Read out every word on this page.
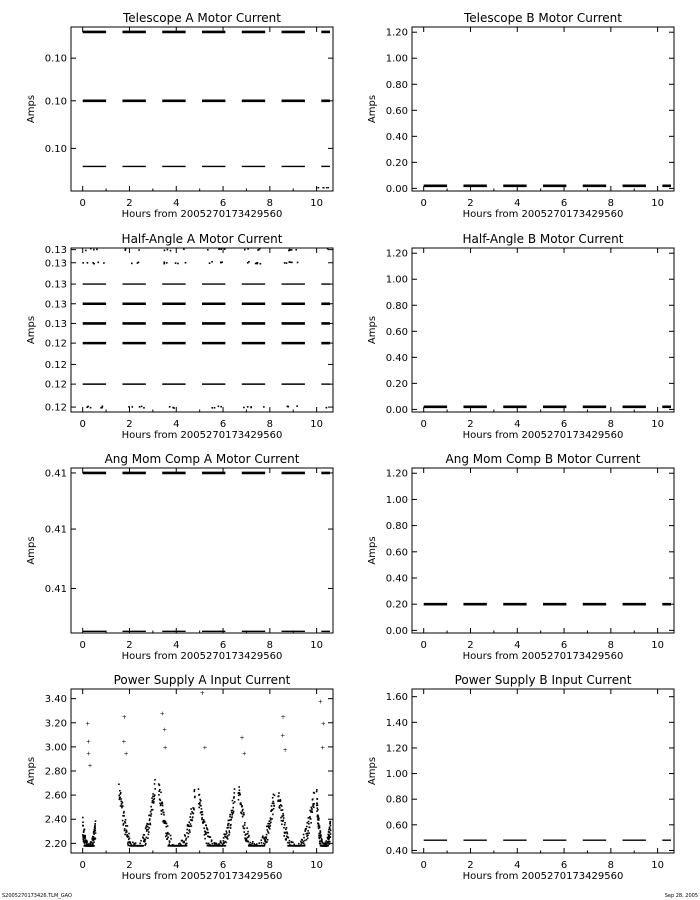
Telescope A Motor Current
0	2	4	6	8	10
Hours from 2005270173429560
0.10
0.10
0.10
Amps
Telescope B Motor Current
0	2	4	6	8	10
Hours from 2005270173429560
0.00
0.20
0.40
0.60
0.80
1.00
1.20
Amps
Half-Angle A Motor Current
0	2	4	6	8	10
Hours from 2005270173429560
0.12
0.12
0.12
0.12
0.13
0.13
0.13
0.13
0.13
Amps
Half-Angle B Motor Current
0	2	4	6	8	10
Hours from 2005270173429560
0.00
0.20
0.40
0.60
0.80
1.00
1.20
Amps
Ang Mom Comp A Motor Current
0	2	4	6	8	10
Hours from 2005270173429560
0.41
0.41
0.41
Amps
Ang Mom Comp B Motor Current
0	2	4	6	8	10
Hours from 2005270173429560
0.00
0.20
0.40
0.60
0.80
1.00
1.20
Amps
Power Supply A Input Current
0	2	4	6	8	10
Hours from 2005270173429560
2.20
2.40
2.60
2.80
3.00
3.20
3.40
Amps
+
+
+
+
+
+
+
+
+
+
+
+
+
+
+
+
+
+
+
+
Power Supply B Input Current
0	2	4	6	8	10
Hours from 2005270173429560
0.40
0.60
0.80
1.00
1.20
1.40
1.60
Amps
S2005270173426.TLM_GAO	Sep 28, 2005
